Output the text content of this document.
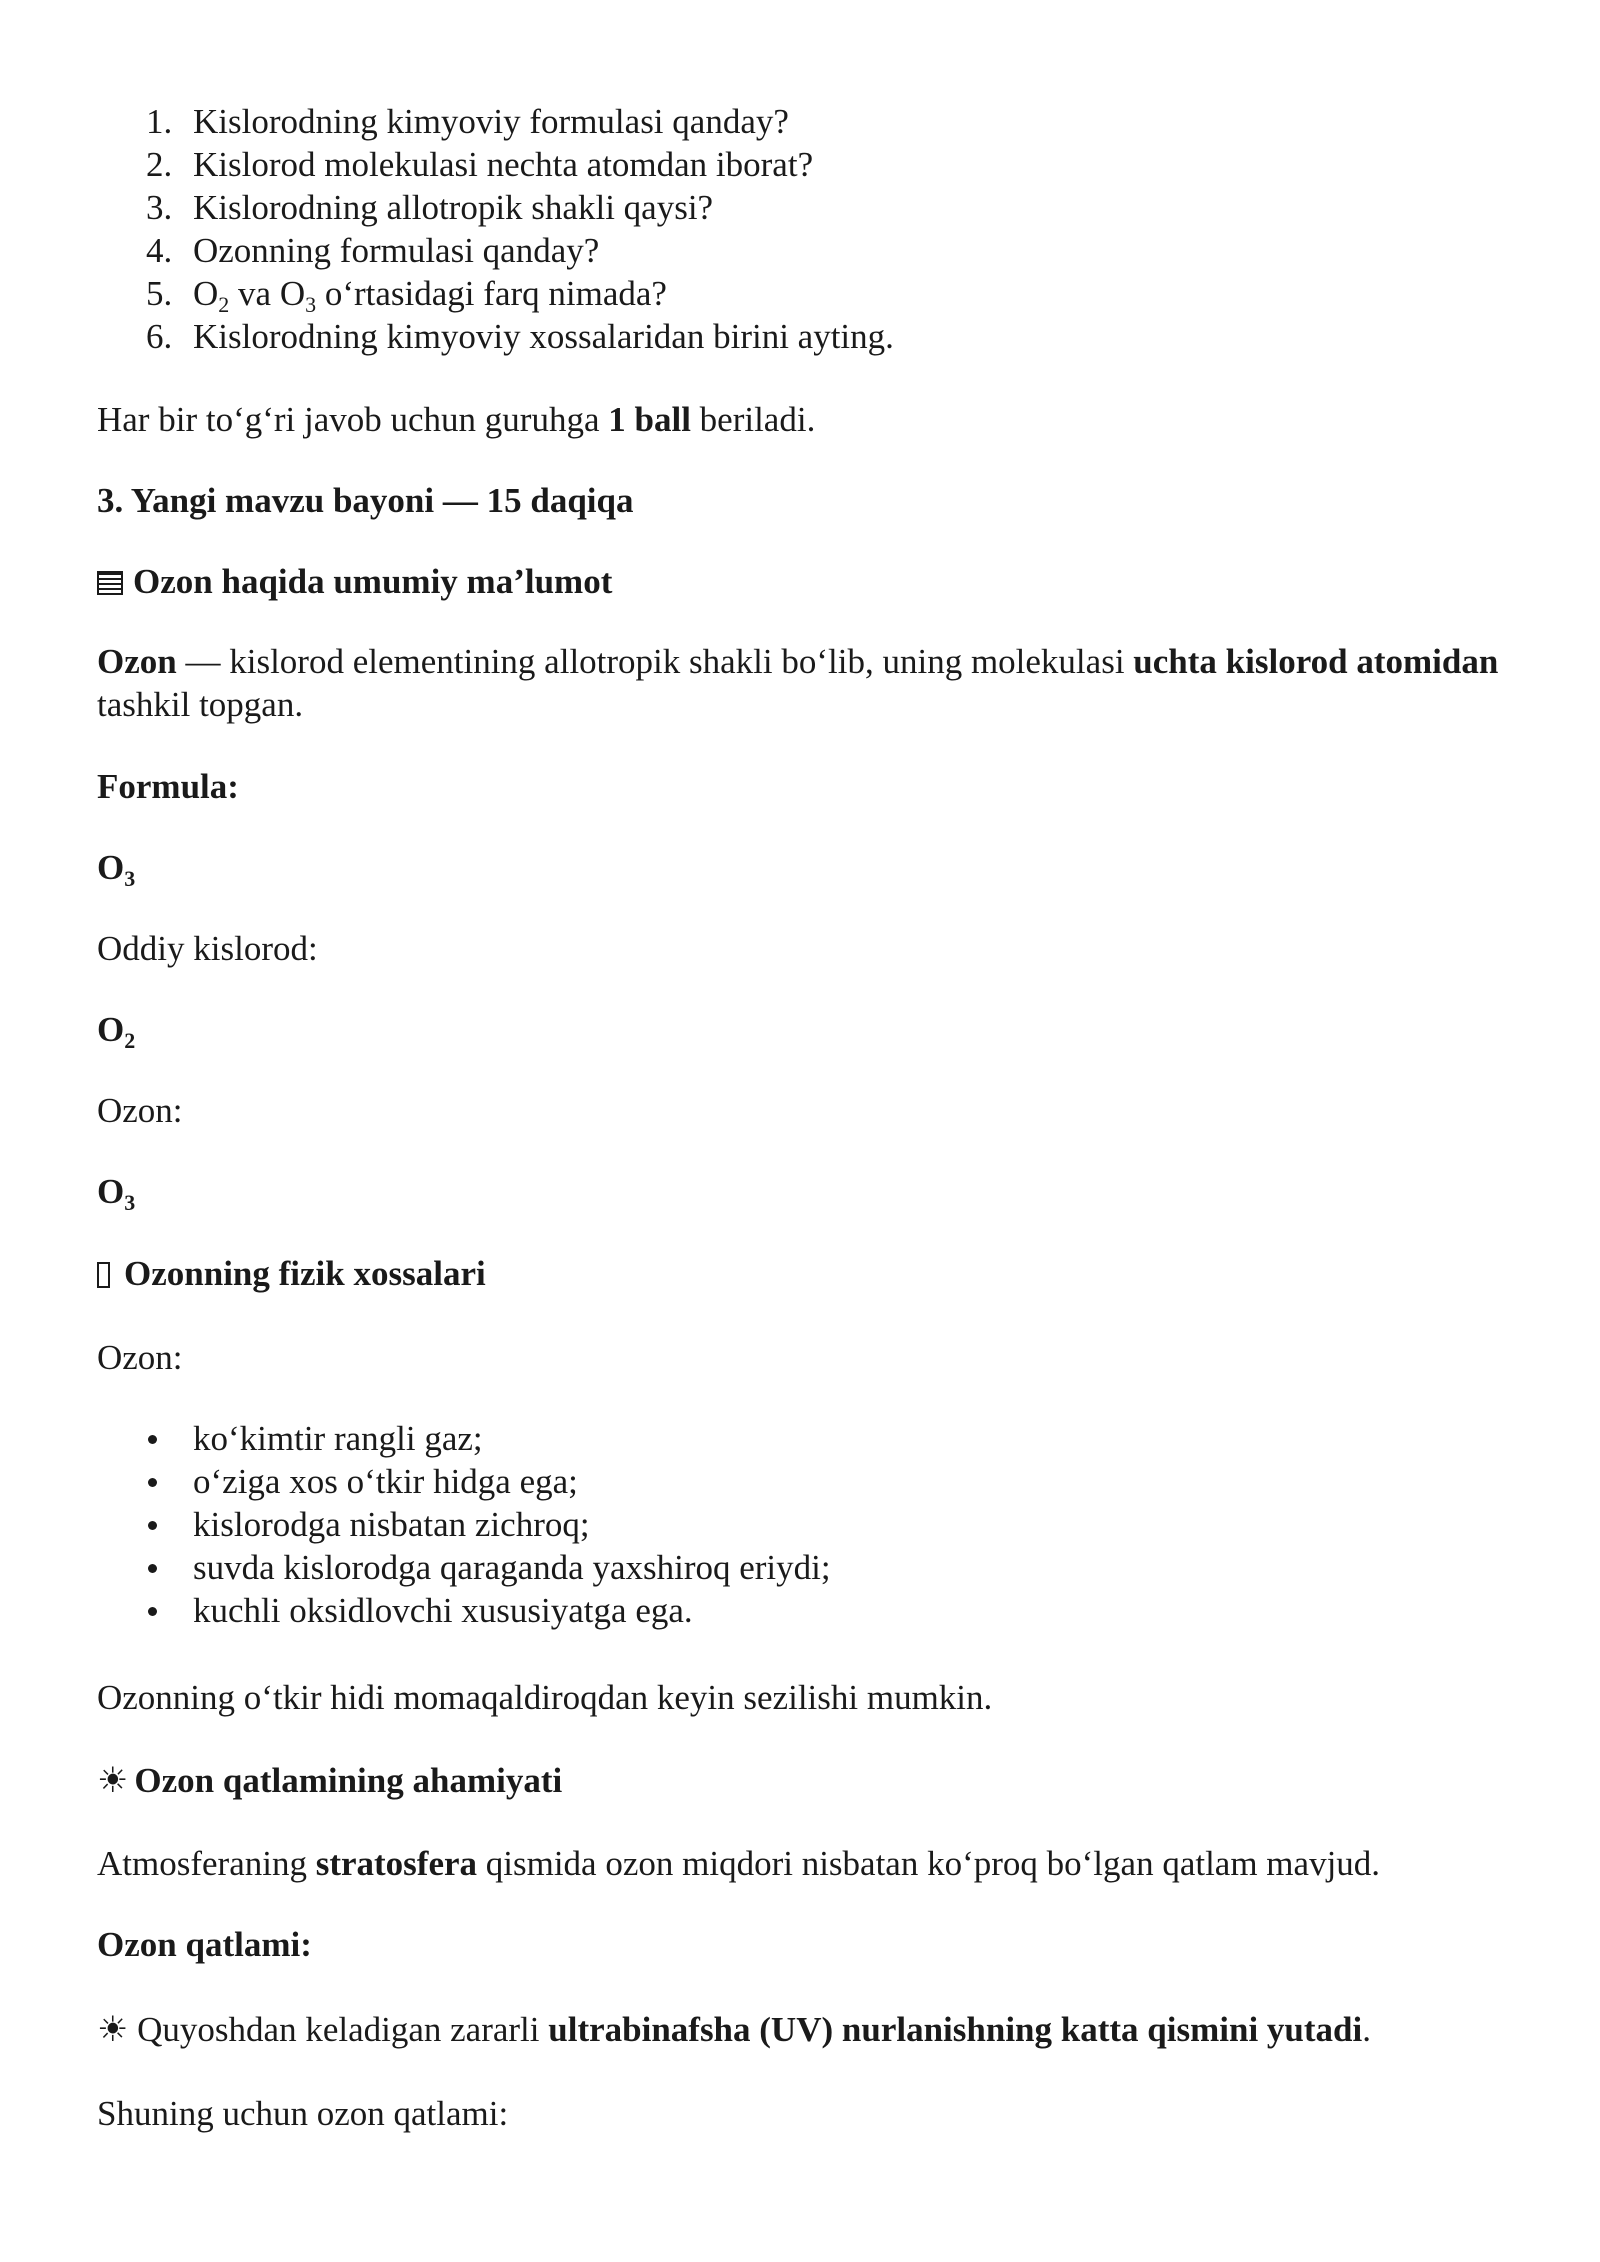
1. Kislorodning kimyoviy formulasi qanday?
2. Kislorod molekulasi nechta atomdan iborat?
3. Kislorodning allotropik shakli qaysi?
4. Ozonning formulasi qanday?
5. $O_2$ va $O_3$ o‘rtasidagi farq nimada?
6. Kislorodning kimyoviy xossalaridan birini ayting.
Har bir to‘g‘ri javob uchun guruhga 1 ball beriladi.
3. Yangi mavzu bayoni — 15 daqiqa
Ozon haqida umumiy ma’lumot
Ozon — kislorod elementining allotropik shakli bo‘lib, uning molekulasi uchta kislorod atomidan tashkil topgan.
Formula:
$O_3$
Oddiy kislorod:
$O_2$
Ozon:
$O_3$
Ozonning fizik xossalari
Ozon:
ko‘kimtir rangli gaz;
o‘ziga xos o‘tkir hidga ega;
kislorodga nisbatan zichroq;
suvda kislorodga qaraganda yaxshiroq eriydi;
kuchli oksidlovchi xususiyatga ega.
Ozonning o‘tkir hidi momaqaldiroqdan keyin sezilishi mumkin.
☀ Ozon qatlamining ahamiyati
Atmosferaning stratosfera qismida ozon miqdori nisbatan ko‘proq bo‘lgan qatlam mavjud.
Ozon qatlami:
☀ Quyoshdan keladigan zararli ultrabinafsha (UV) nurlanishning katta qismini yutadi.
Shuning uchun ozon qatlami:
